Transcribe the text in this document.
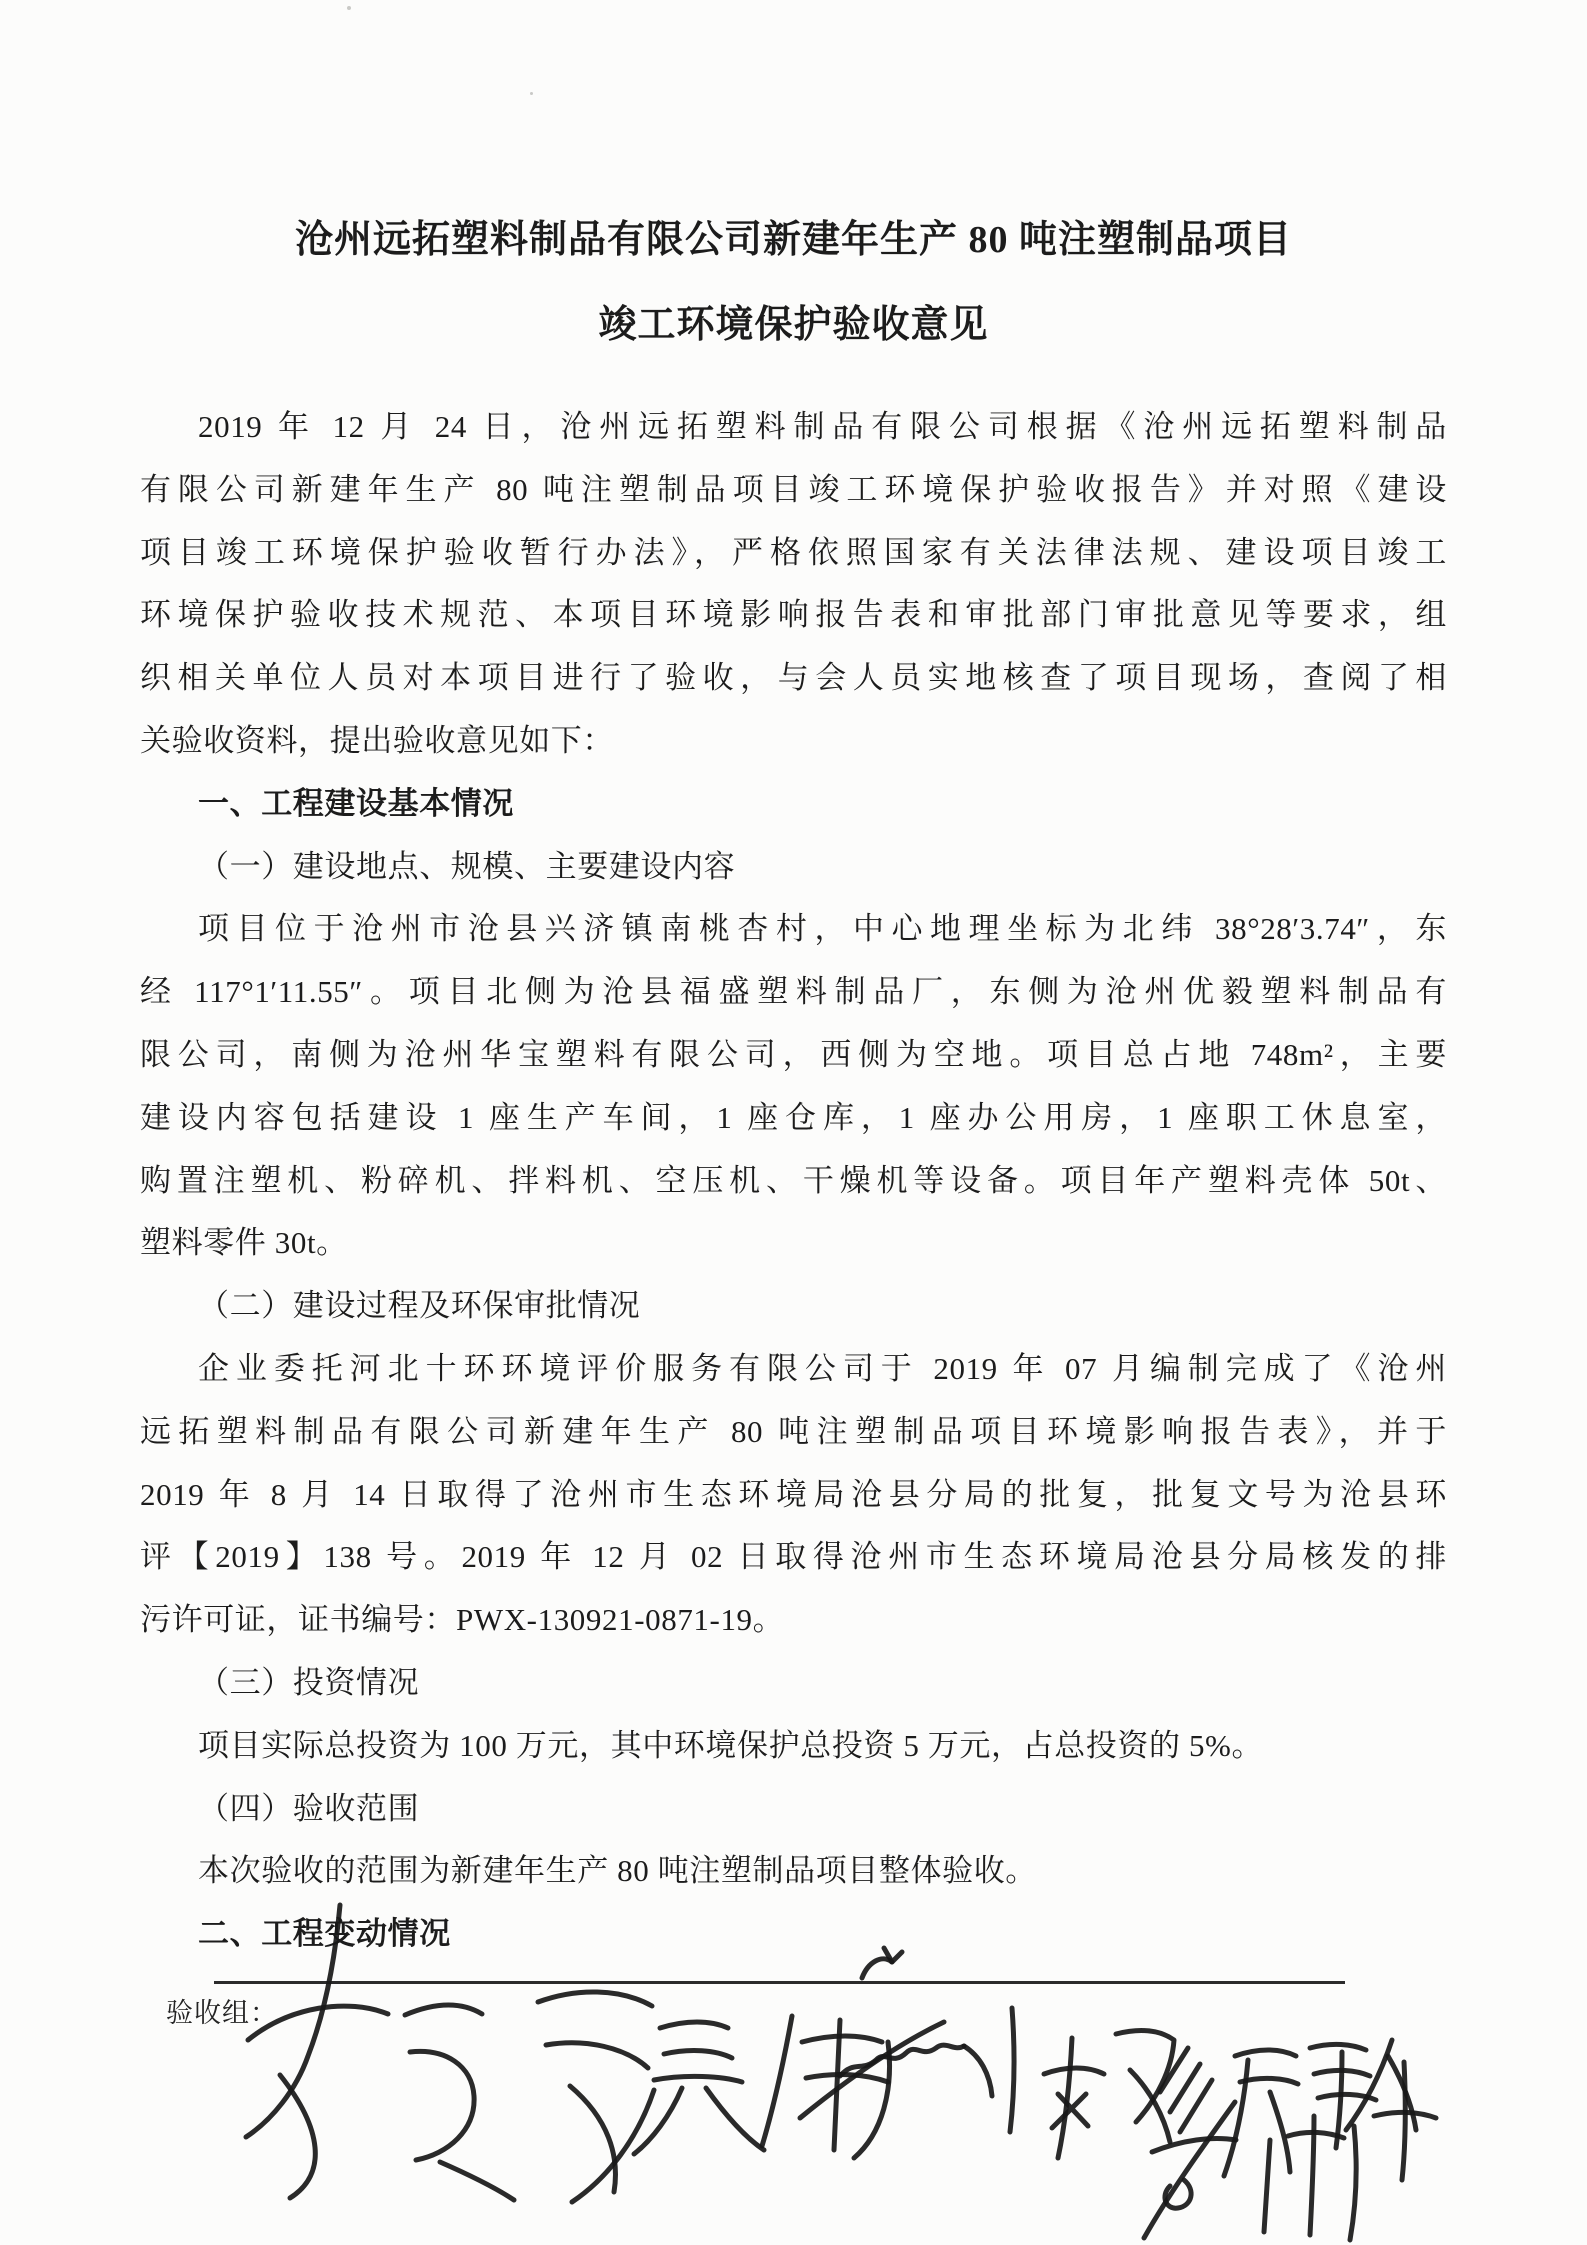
沧州远拓塑料制品有限公司新建年生产 80 吨注塑制品项目
竣工环境保护验收意见
2019 年 12 月 24 日，沧州远拓塑料制品有限公司根据《沧州远拓塑料制品
有限公司新建年生产 80 吨注塑制品项目竣工环境保护验收报告》并对照《建设
项目竣工环境保护验收暂行办法》，严格依照国家有关法律法规、建设项目竣工
环境保护验收技术规范、本项目环境影响报告表和审批部门审批意见等要求，组
织相关单位人员对本项目进行了验收，与会人员实地核查了项目现场，查阅了相
关验收资料，提出验收意见如下：
一、工程建设基本情况
（一）建设地点、规模、主要建设内容
项目位于沧州市沧县兴济镇南桃杏村，中心地理坐标为北纬 38°28′3.74″，东
经 117°1′11.55″。项目北侧为沧县福盛塑料制品厂，东侧为沧州优毅塑料制品有
限公司，南侧为沧州华宝塑料有限公司，西侧为空地。项目总占地 748m²，主要
建设内容包括建设 1 座生产车间，1 座仓库，1 座办公用房，1 座职工休息室，
购置注塑机、粉碎机、拌料机、空压机、干燥机等设备。项目年产塑料壳体 50t、
塑料零件 30t。
（二）建设过程及环保审批情况
企业委托河北十环环境评价服务有限公司于 2019 年 07 月编制完成了《沧州
远拓塑料制品有限公司新建年生产 80 吨注塑制品项目环境影响报告表》，并于
2019 年 8 月 14 日取得了沧州市生态环境局沧县分局的批复，批复文号为沧县环
评【2019】138 号。2019 年 12 月 02 日取得沧州市生态环境局沧县分局核发的排
污许可证，证书编号：PWX-130921-0871-19。
（三）投资情况
项目实际总投资为 100 万元，其中环境保护总投资 5 万元，占总投资的 5%。
（四）验收范围
本次验收的范围为新建年生产 80 吨注塑制品项目整体验收。
二、工程变动情况
验收组：
